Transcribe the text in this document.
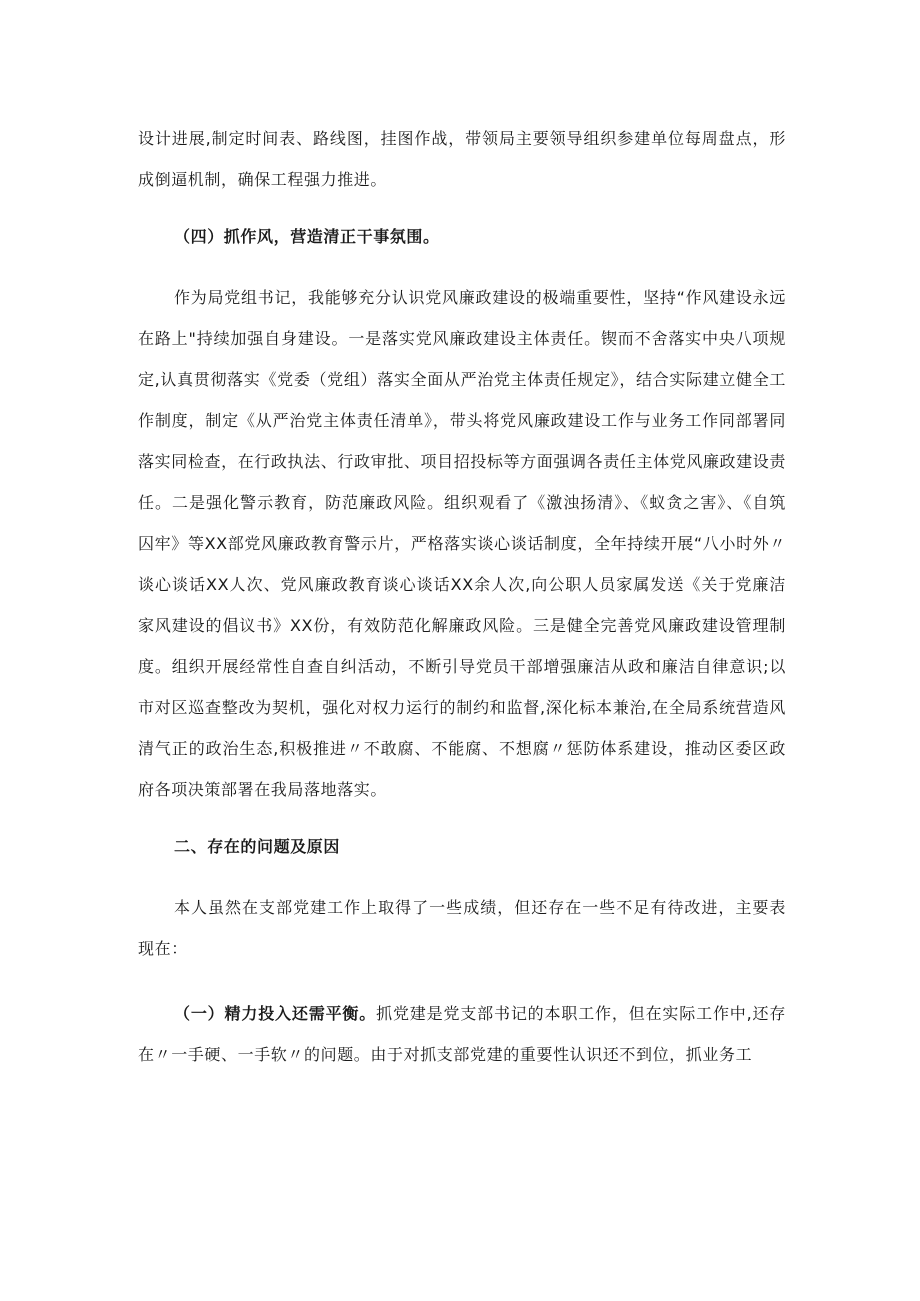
设计进展,制定时间表、路线图，挂图作战，带领局主要领导组织参建单位每周盘点，形成倒逼机制，确保工程强力推进。

（四）抓作风，营造清正干事氛围。

作为局党组书记，我能够充分认识党风廉政建设的极端重要性，坚持“作风建设永远在路上"持续加强自身建设。一是落实党风廉政建设主体责任。锲而不舍落实中央八项规定,认真贯彻落实《党委（党组）落实全面从严治党主体责任规定》，结合实际建立健全工作制度，制定《从严治党主体责任清单》，带头将党风廉政建设工作与业务工作同部署同落实同检查，在行政执法、行政审批、项目招投标等方面强调各责任主体党风廉政建设责任。二是强化警示教育，防范廉政风险。组织观看了《激浊扬清》、《蚁贪之害》、《自筑囚牢》等XX部党风廉政教育警示片，严格落实谈心谈话制度，全年持续开展“八小时外〃谈心谈话XX人次、党风廉政教育谈心谈话XX余人次,向公职人员家属发送《关于党廉洁家风建设的倡议书》XX份，有效防范化解廉政风险。三是健全完善党风廉政建设管理制度。组织开展经常性自查自纠活动，不断引导党员干部增强廉洁从政和廉洁自律意识;以市对区巡查整改为契机，强化对权力运行的制约和监督,深化标本兼治,在全局系统营造风清气正的政治生态,积极推进〃不敢腐、不能腐、不想腐〃惩防体系建设，推动区委区政府各项决策部署在我局落地落实。

二、存在的问题及原因

本人虽然在支部党建工作上取得了一些成绩，但还存在一些不足有待改进，主要表现在：

（一）精力投入还需平衡。抓党建是党支部书记的本职工作，但在实际工作中,还存在〃一手硬、一手软〃的问题。由于对抓支部党建的重要性认识还不到位，抓业务工
